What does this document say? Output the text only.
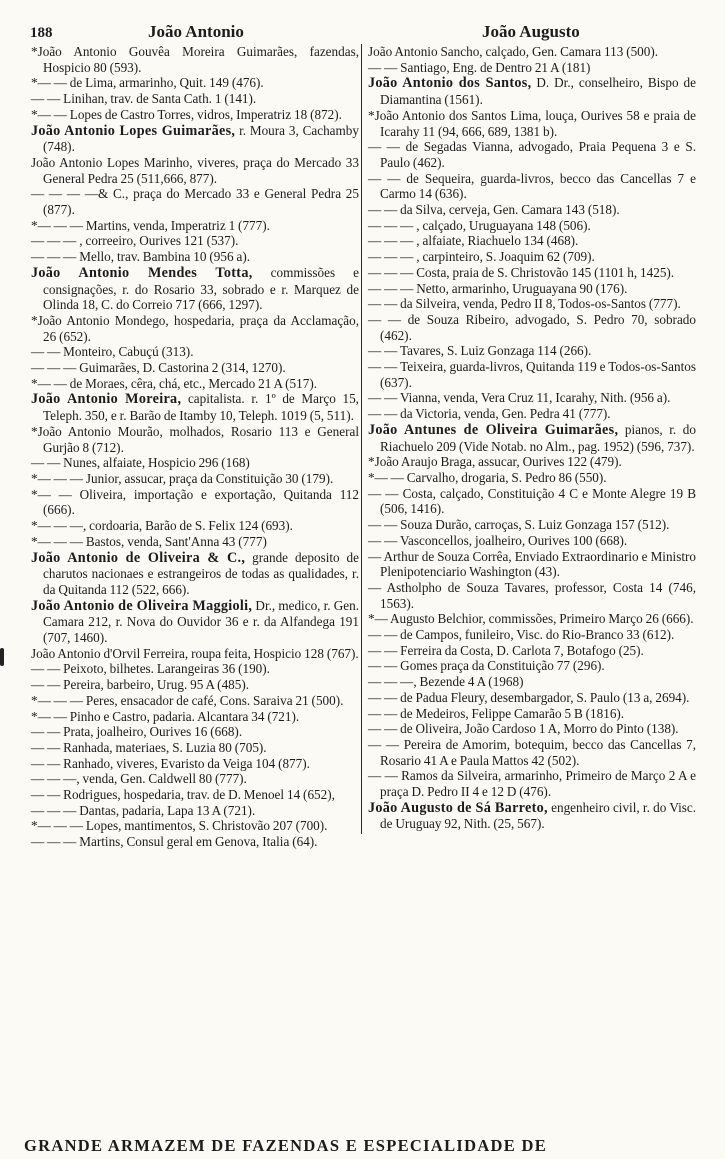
188	João Antonio	João Augusto

*João Antonio Gouvêa Moreira Guimarães, fazendas, Hospicio 80 (593).

*— — de Lima, armarinho, Quit. 149 (476).

— — Linihan, trav. de Santa Cath. 1 (141).

*— — Lopes de Castro Torres, vidros, Imperatriz 18 (872).

João Antonio Lopes Guimarães, r. Moura 3, Cachamby (748).

João Antonio Lopes Marinho, viveres, praça do Mercado 33 General Pedra 25 (511,666, 877).

— — — —& C., praça do Mercado 33 e General Pedra 25 (877).

*— — — Martins, venda, Imperatriz 1 (777).

— — — , correeiro, Ourives 121 (537).

— — — Mello, trav. Bambina 10 (956 a).

João Antonio Mendes Totta, commissões e consignações, r. do Rosario 33, sobrado e r. Marquez de Olinda 18, C. do Correio 717 (666, 1297).

*João Antonio Mondego, hospedaria, praça da Acclamação, 26 (652).

— — Monteiro, Cabuçú (313).

— — — Guimarães, D. Castorina 2 (314, 1270).

*— — de Moraes, cêra, chá, etc., Mercado 21 A (517).

João Antonio Moreira, capitalista. r. 1º de Março 15, Teleph. 350, e r. Barão de Itamby 10, Teleph. 1019 (5, 511).

*João Antonio Mourão, molhados, Rosario 113 e General Gurjão 8 (712).

— — Nunes, alfaiate, Hospicio 296 (168)

*— — — Junior, assucar, praça da Constituição 30 (179).

*— — Oliveira, importação e exportação, Quitanda 112 (666).

*— — —, cordoaria, Barão de S. Felix 124 (693).

*— — — Bastos, venda, Sant'Anna 43 (777)

João Antonio de Oliveira & C., grande deposito de charutos nacionaes e estrangeiros de todas as qualidades, r. da Quitanda 112 (522, 666).

João Antonio de Oliveira Maggioli, Dr., medico, r. Gen. Camara 212, r. Nova do Ouvidor 36 e r. da Alfandega 191 (707, 1460).

João Antonio d'Orvil Ferreira, roupa feita, Hospicio 128 (767).

— — Peixoto, bilhetes. Larangeiras 36 (190).

— — Pereira, barbeiro, Urug. 95 A (485).

*— — — Peres, ensacador de café, Cons. Saraiva 21 (500).

*— — Pinho e Castro, padaria. Alcantara 34 (721).

— — Prata, joalheiro, Ourives 16 (668).

— — Ranhada, materiaes, S. Luzia 80 (705).

— — Ranhado, viveres, Evaristo da Veiga 104 (877).

— — —, venda, Gen. Caldwell 80 (777).

— — Rodrigues, hospedaria, trav. de D. Menoel 14 (652),

— — — Dantas, padaria, Lapa 13 A (721).

*— — — Lopes, mantimentos, S. Christovão 207 (700).

— — — Martins, Consul geral em Genova, Italia (64).

João Antonio Sancho, calçado, Gen. Camara 113 (500).

— — Santiago, Eng. de Dentro 21 A (181)

João Antonio dos Santos, D. Dr., conselheiro, Bispo de Diamantina (1561).

*João Antonio dos Santos Lima, louça, Ourives 58 e praia de Icarahy 11 (94, 666, 689, 1381 b).

— — de Segadas Vianna, advogado, Praia Pequena 3 e S. Paulo (462).

— — de Sequeira, guarda-livros, becco das Cancellas 7 e Carmo 14 (636).

— — da Silva, cerveja, Gen. Camara 143 (518).

— — — , calçado, Uruguayana 148 (506).

— — — , alfaiate, Riachuelo 134 (468).

— — — , carpinteiro, S. Joaquim 62 (709).

— — — Costa, praia de S. Christovão 145 (1101 h, 1425).

— — — Netto, armarinho, Uruguayana 90 (176).

— — da Silveira, venda, Pedro II 8, Todos-os-Santos (777).

— — de Souza Ribeiro, advogado, S. Pedro 70, sobrado (462).

— — Tavares, S. Luiz Gonzaga 114 (266).

— — Teixeira, guarda-livros, Quitanda 119 e Todos-os-Santos (637).

— — Vianna, venda, Vera Cruz 11, Icarahy, Nith. (956 a).

— — da Victoria, venda, Gen. Pedra 41 (777).

João Antunes de Oliveira Guimarães, pianos, r. do Riachuelo 209 (Vide Notab. no Alm., pag. 1952) (596, 737).

*João Araujo Braga, assucar, Ourives 122 (479).

*— — Carvalho, drogaria, S. Pedro 86 (550).

— — Costa, calçado, Constituição 4 C e Monte Alegre 19 B (506, 1416).

— — Souza Durão, carroças, S. Luiz Gonzaga 157 (512).

— — Vasconcellos, joalheiro, Ourives 100 (668).

— Arthur de Souza Corrêa, Enviado Extraordinario e Ministro Plenipotenciario Washington (43).

— Astholpho de Souza Tavares, professor, Costa 14 (746, 1563).

*— Augusto Belchior, commissões, Primeiro Março 26 (666).

— — de Campos, funileiro, Visc. do Rio-Branco 33 (612).

— — Ferreira da Costa, D. Carlota 7, Botafogo (25).

— — Gomes praça da Constituição 77 (296).

— — —, Bezende 4 A (1968)

— — de Padua Fleury, desembargador, S. Paulo (13 a, 2694).

— — de Medeiros, Felippe Camarão 5 B (1816).

— — de Oliveira, João Cardoso 1 A, Morro do Pinto (138).

— — Pereira de Amorim, botequim, becco das Cancellas 7, Rosario 41 A e Paula Mattos 42 (502).

— — Ramos da Silveira, armarinho, Primeiro de Março 2 A e praça D. Pedro II 4 e 12 D (476).

João Augusto de Sá Barreto, engenheiro civil, r. do Visc. de Uruguay 92, Nith. (25, 567).

GRANDE ARMAZEM DE FAZENDAS E ESPECIALIDADE DE
